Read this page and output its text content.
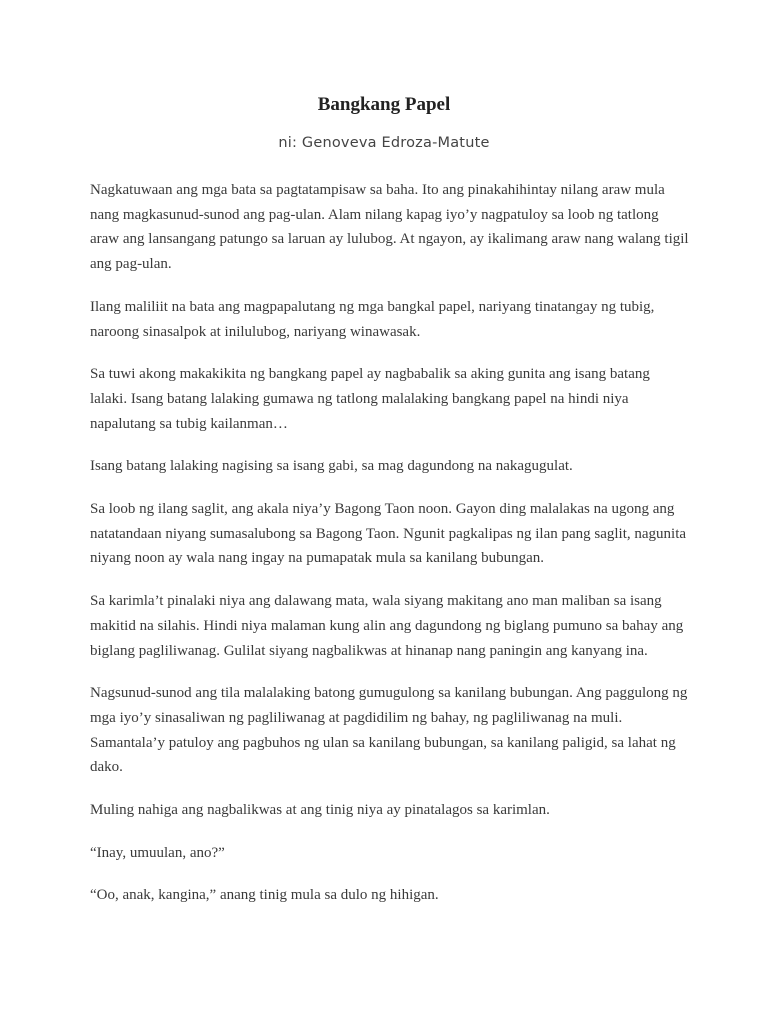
Bangkang Papel

ni: Genoveva Edroza-Matute

Nagkatuwaan ang mga bata sa pagtatampisaw sa baha. Ito ang pinakahihintay nilang araw mula nang magkasunud-sunod ang pag-ulan. Alam nilang kapag iyo’y nagpatuloy sa loob ng tatlong araw ang lansangang patungo sa laruan ay lulubog. At ngayon, ay ikalimang araw nang walang tigil ang pag-ulan.

Ilang maliliit na bata ang magpapalutang ng mga bangkal papel, nariyang tinatangay ng tubig, naroong sinasalpok at inilulubog, nariyang winawasak.

Sa tuwi akong makakikita ng bangkang papel ay nagbabalik sa aking gunita ang isang batang lalaki. Isang batang lalaking gumawa ng tatlong malalaking bangkang papel na hindi niya napalutang sa tubig kailanman…

Isang batang lalaking nagising sa isang gabi, sa mag dagundong na nakagugulat.

Sa loob ng ilang saglit, ang akala niya’y Bagong Taon noon. Gayon ding malalakas na ugong ang natatandaan niyang sumasalubong sa Bagong Taon. Ngunit pagkalipas ng ilan pang saglit, nagunita niyang noon ay wala nang ingay na pumapatak mula sa kanilang bubungan.

Sa karimla’t pinalaki niya ang dalawang mata, wala siyang makitang ano man maliban sa isang makitid na silahis. Hindi niya malaman kung alin ang dagundong ng biglang pumuno sa bahay ang biglang pagliliwanag. Gulilat siyang nagbalikwas at hinanap nang paningin ang kanyang ina.

Nagsunud-sunod ang tila malalaking batong gumugulong sa kanilang bubungan. Ang paggulong ng mga iyo’y sinasaliwan ng pagliliwanag at pagdidilim ng bahay, ng pagliliwanag na muli. Samantala’y patuloy ang pagbuhos ng ulan sa kanilang bubungan, sa kanilang paligid, sa lahat ng dako.

Muling nahiga ang nagbalikwas at ang tinig niya ay pinatalagos sa karimlan.

“Inay, umuulan, ano?”

“Oo, anak, kangina,” anang tinig mula sa dulo ng hihigan.
